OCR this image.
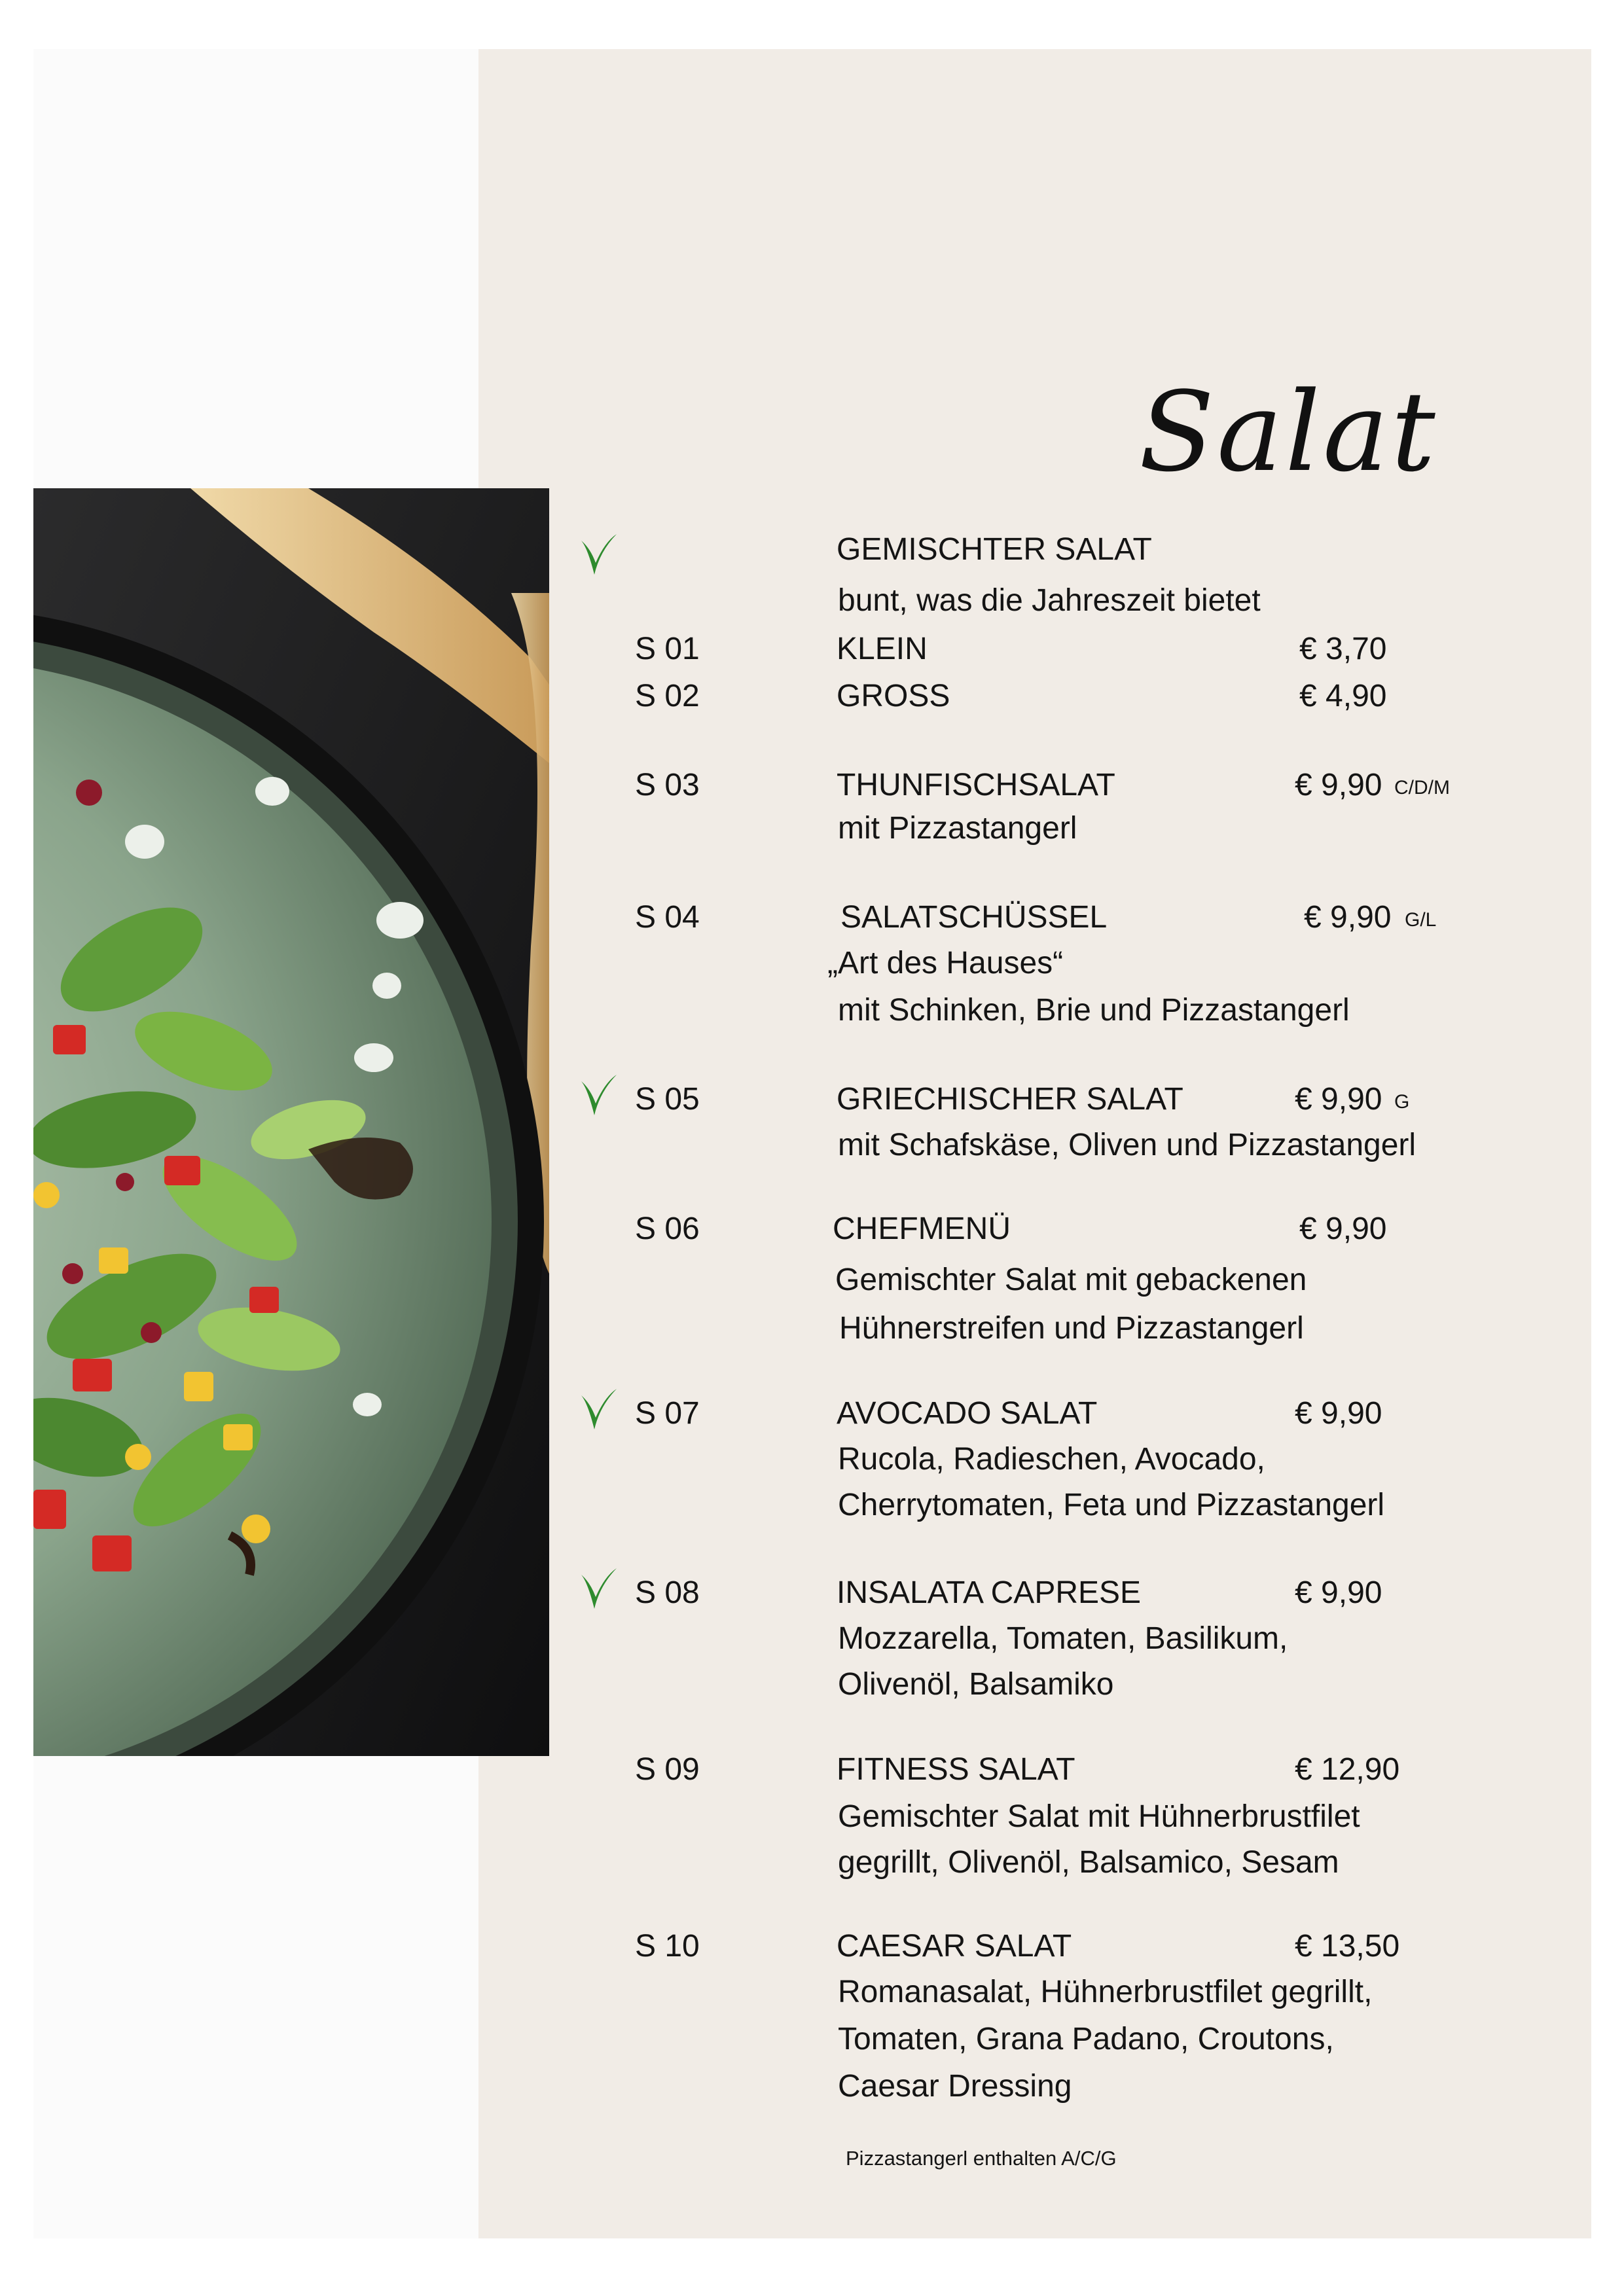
Salat
GEMISCHTER SALAT
bunt, was die Jahreszeit bietet
S 01	KLEIN	€ 3,70
S 02	GROSS	€ 4,90
S 03	THUNFISCHSALAT	€ 9,90 C/D/M
mit Pizzastangerl
S 04	SALATSCHÜSSEL	€ 9,90 G/L
„Art des Hauses“
mit Schinken, Brie und Pizzastangerl
S 05	GRIECHISCHER SALAT	€ 9,90 G
mit Schafskäse, Oliven und Pizzastangerl
S 06	CHEFMENÜ	€ 9,90
Gemischter Salat mit gebackenen
Hühnerstreifen und Pizzastangerl
S 07	AVOCADO SALAT	€ 9,90
Rucola, Radieschen, Avocado,
Cherrytomaten, Feta und Pizzastangerl
S 08	INSALATA CAPRESE	€ 9,90
Mozzarella, Tomaten, Basilikum,
Olivenöl, Balsamiko
S 09	FITNESS SALAT	€ 12,90
Gemischter Salat mit Hühnerbrustfilet
gegrillt, Olivenöl, Balsamico, Sesam
S 10	CAESAR SALAT	€ 13,50
Romanasalat, Hühnerbrustfilet gegrillt,
Tomaten, Grana Padano, Croutons,
Caesar Dressing
Pizzastangerl enthalten A/C/G
